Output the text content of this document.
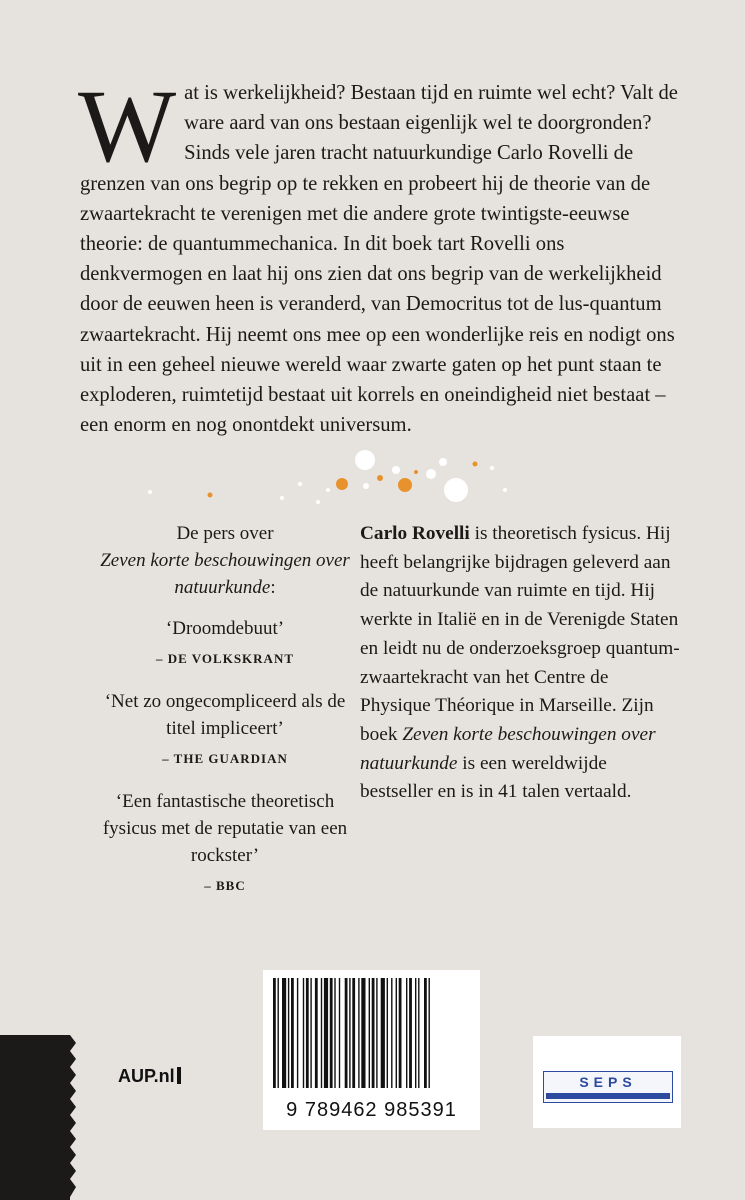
W at is werkelijkheid? Bestaan tijd en ruimte wel echt? Valt de ware aard van ons bestaan eigenlijk wel te doorgronden? Sinds vele jaren tracht natuurkundige Carlo Rovelli de grenzen van ons begrip op te rekken en probeert hij de theorie van de zwaartekracht te verenigen met die andere grote twintigste-eeuwse theorie: de quantummechanica. In dit boek tart Rovelli ons denkvermogen en laat hij ons zien dat ons begrip van de werkelijkheid door de eeuwen heen is veranderd, van Democritus tot de lus-quantum zwaartekracht. Hij neemt ons mee op een wonderlijke reis en nodigt ons uit in een geheel nieuwe wereld waar zwarte gaten op het punt staan te exploderen, ruimtetijd bestaat uit korrels en oneindigheid niet bestaat – een enorm en nog onontdekt universum.
De pers over
Zeven korte beschouwingen over natuurkunde:
‘Droomdebuut’
– DE VOLKSKRANT
‘Net zo ongecompliceerd als de titel impliceert’
– THE GUARDIAN
‘Een fantastische theoretisch fysicus met de reputatie van een rockster’
– BBC
Carlo Rovelli is theoretisch fysicus. Hij heeft belangrijke bijdragen geleverd aan de natuurkunde van ruimte en tijd. Hij werkte in Italië en in de Verenigde Staten en leidt nu de onderzoeksgroep quantumzwaartekracht van het Centre de Physique Théorique in Marseille. Zijn boek Zeven korte beschouwingen over natuurkunde is een wereldwijde bestseller en is in 41 talen vertaald.
AUP.nl
9 789462 985391
SEPS
